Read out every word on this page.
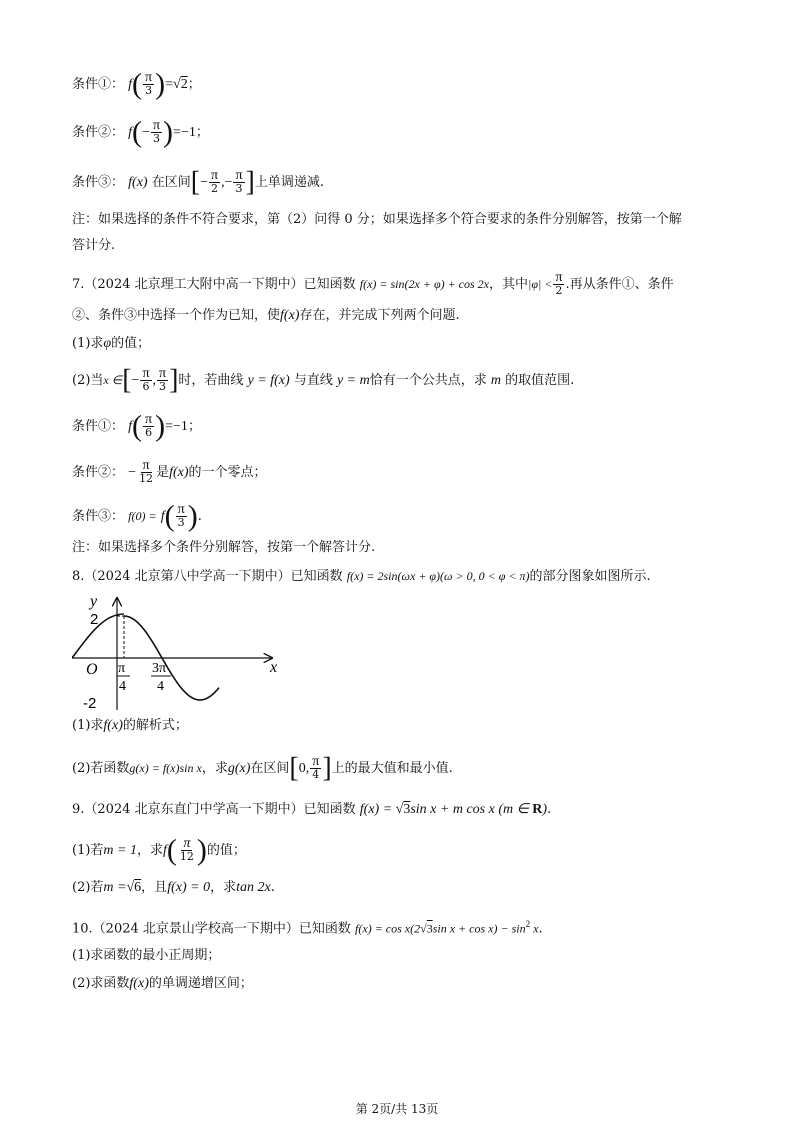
条件①： $f( \frac{\pi}{3} )=√2$；
条件②： $f(- \frac{\pi}{3} )=-1$；
条件③： f(x) 在区间[− $\frac{\pi}{2}$ ,− $\frac{\pi}{3}$ ]上单调递减.
注：如果选择的条件不符合要求，第（2）问得 0 分；如果选择多个符合要求的条件分别解答，按第一个解
答计分.
7.（2024 北京理工大附中高一下期中）已知函数 f(x) = sin(2x + φ) + cos 2x，其中$|\varphi| < \frac{\pi}{2}$ .再从条件①、条件
②、条件③中选择一个作为已知，使f(x)存在，并完成下列两个问题.
(1)求φ的值；
(2)当x ∈[− $\frac{\pi}{6}$ , $\frac{\pi}{3}$ ]时，若曲线 y = f(x) 与直线 y = m恰有一个公共点，求 m 的取值范围.
条件①： $f( \frac{\pi}{6} )=-1$；
条件②： − $\frac{\pi}{12}$ 是f(x)的一个零点；
条件③： $f(0) = f( \frac{\pi}{3}$ ).
注：如果选择多个条件分别解答，按第一个解答计分.
8.（2024 北京第八中学高一下期中）已知函数 f(x) = 2sin(ωx + φ)(ω > 0, 0 < φ < π)的部分图象如图所示.
y
x
O
2
-2
π
4
3π
4
(1)求f(x)的解析式；
(2)若函数g(x) = f(x)sin x，求g(x)在区间[0, $\frac{\pi}{4}$ ]上的最大值和最小值.
9.（2024 北京东直门中学高一下期中）已知函数 f(x) = √3sin x + m cos x (m ∈ R).
(1)若m = 1，求$f( \frac{\pi}{12}$ )的值；
(2)若m =√6，且f(x) = 0，求tan 2x.
10.（2024 北京景山学校高一下期中）已知函数 f(x) = cos x(2√3sin $x + \cos x) - \sin^2 x$.
(1)求函数的最小正周期；
(2)求函数f(x)的单调递增区间；
第 2页/共 13页
